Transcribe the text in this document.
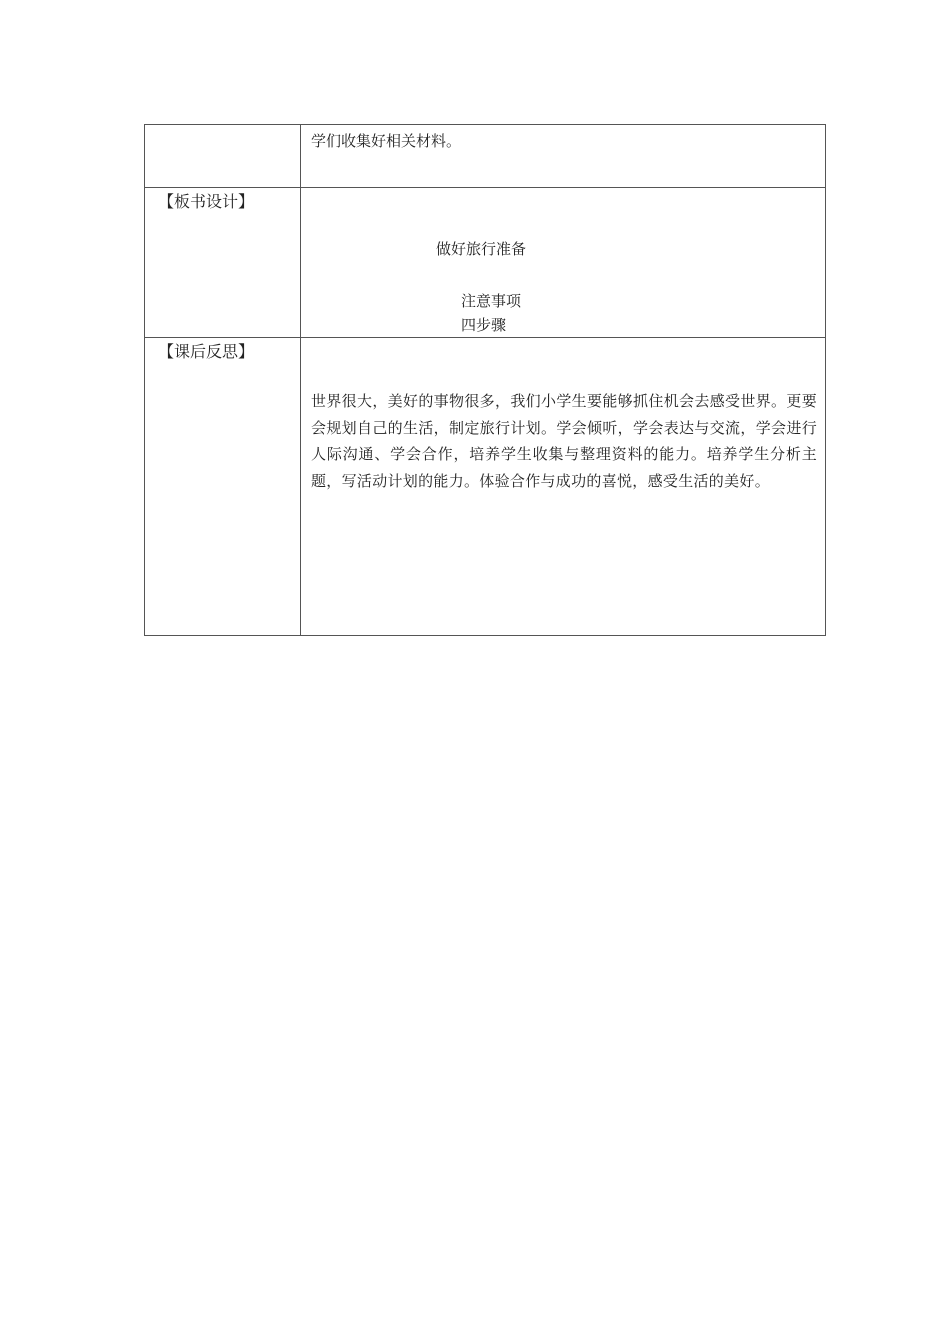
	学们收集好相关材料。

【板书设计】	做好旅行准备
注意事项
四步骤

【课后反思】	世界很大，美好的事物很多，我们小学生要能够抓住机会去感受世界。更要会规划自己的生活，制定旅行计划。学会倾听，学会表达与交流，学会进行人际沟通、学会合作，培养学生收集与整理资料的能力。培养学生分析主题，写活动计划的能力。体验合作与成功的喜悦，感受生活的美好。
